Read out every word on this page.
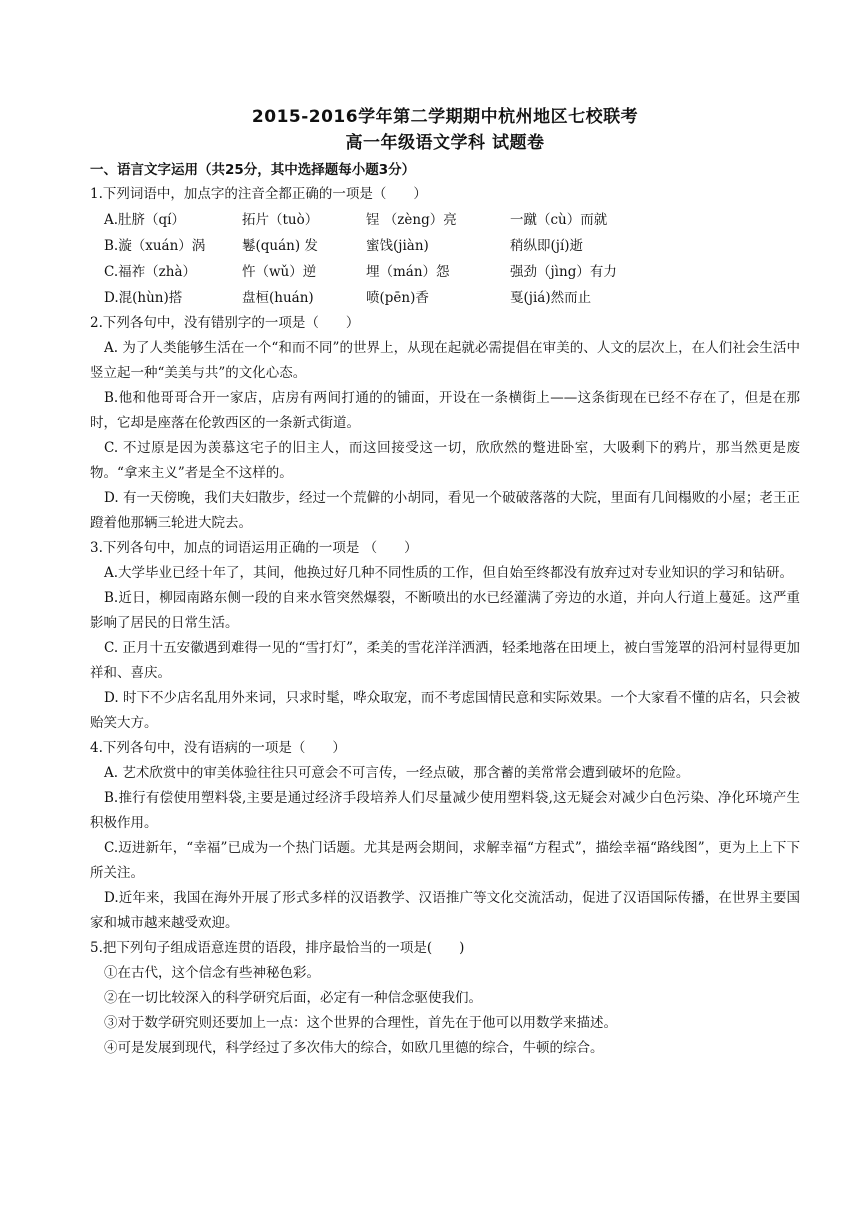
2015-2016学年第二学期期中杭州地区七校联考
高一年级语文学科 试题卷
一、语言文字运用（共25分，其中选择题每小题3分）
1.下列词语中，加点字的注音全都正确的一项是（　　）
A.肚脐（qí）	拓片（tuò）	锃 （zèng）亮	一蹴（cù）而就
B.漩（xuán）涡	鬈(quán) 发	蜜饯(jiàn)	稍纵即(jí)逝
C.福祚（zhà）	忤（wǔ）逆	埋（mán）怨	强劲（jìng）有力
D.混(hùn)搭	盘桓(huán)	喷(pēn)香	戛(jiá)然而止
2.下列各句中，没有错别字的一项是（　　）
A. 为了人类能够生活在一个“和而不同”的世界上，从现在起就必需提倡在审美的、人文的层次上，在人们社会生活中竖立起一种“美美与共”的文化心态。
B.他和他哥哥合开一家店，店房有两间打通的的铺面，开设在一条横街上——这条街现在已经不存在了，但是在那时，它却是座落在伦敦西区的一条新式街道。
C. 不过原是因为羡慕这宅子的旧主人，而这回接受这一切，欣欣然的蹩进卧室，大吸剩下的鸦片，那当然更是废物。“拿来主义”者是全不这样的。
D. 有一天傍晚，我们夫妇散步，经过一个荒僻的小胡同，看见一个破破落落的大院，里面有几间榻败的小屋；老王正蹬着他那辆三轮进大院去。
3.下列各句中，加点的词语运用正确的一项是 （　　）
A.大学毕业已经十年了，其间，他换过好几种不同性质的工作，但自始至终都没有放弃过对专业知识的学习和钻研。
B.近日，柳园南路东侧一段的自来水管突然爆裂，不断喷出的水已经灌满了旁边的水道，并向人行道上蔓延。这严重影响了居民的日常生活。
C. 正月十五安徽遇到难得一见的“雪打灯”，柔美的雪花洋洋洒洒，轻柔地落在田埂上，被白雪笼罩的沿河村显得更加祥和、喜庆。
D. 时下不少店名乱用外来词，只求时髦，哗众取宠，而不考虑国情民意和实际效果。一个大家看不懂的店名，只会被贻笑大方。
4.下列各句中，没有语病的一项是（　　）
A. 艺术欣赏中的审美体验往往只可意会不可言传，一经点破，那含蓄的美常常会遭到破坏的危险。
B.推行有偿使用塑料袋,主要是通过经济手段培养人们尽量减少使用塑料袋,这无疑会对减少白色污染、净化环境产生积极作用。
C.迈进新年，“幸福”已成为一个热门话题。尤其是两会期间，求解幸福“方程式”，描绘幸福“路线图”，更为上上下下所关注。
D.近年来，我国在海外开展了形式多样的汉语教学、汉语推广等文化交流活动，促进了汉语国际传播，在世界主要国家和城市越来越受欢迎。
5.把下列句子组成语意连贯的语段，排序最恰当的一项是(　　)
①在古代，这个信念有些神秘色彩。
②在一切比较深入的科学研究后面，必定有一种信念驱使我们。
③对于数学研究则还要加上一点：这个世界的合理性，首先在于他可以用数学来描述。
④可是发展到现代，科学经过了多次伟大的综合，如欧几里德的综合，牛顿的综合。
